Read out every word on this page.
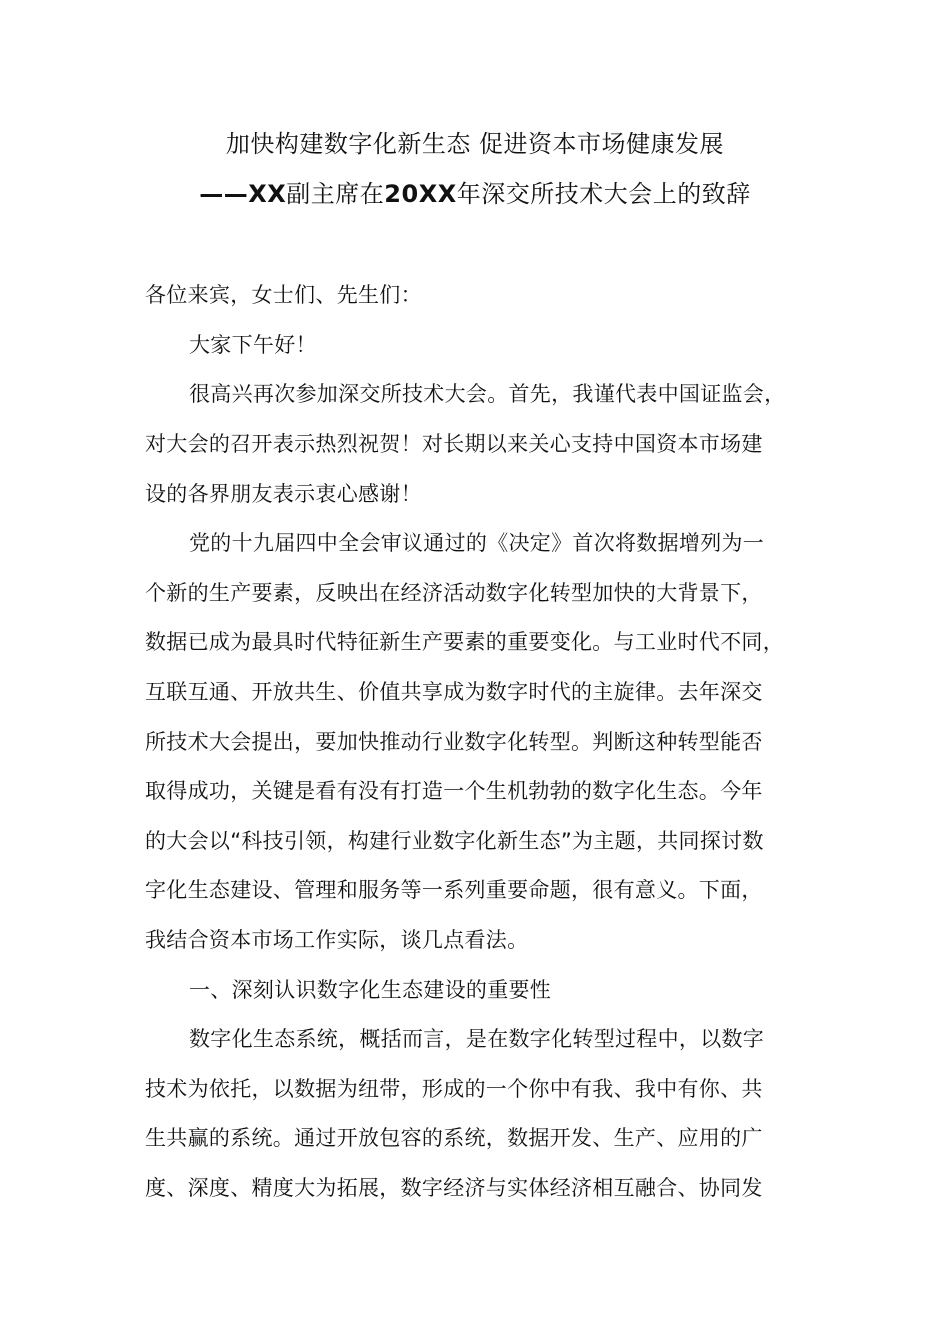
加快构建数字化新生态 促进资本市场健康发展
——XX副主席在20XX年深交所技术大会上的致辞
各位来宾，女士们、先生们：
大家下午好！
很高兴再次参加深交所技术大会。首先，我谨代表中国证监会，
对大会的召开表示热烈祝贺！对长期以来关心支持中国资本市场建
设的各界朋友表示衷心感谢！
党的十九届四中全会审议通过的《决定》首次将数据增列为一
个新的生产要素，反映出在经济活动数字化转型加快的大背景下，
数据已成为最具时代特征新生产要素的重要变化。与工业时代不同，
互联互通、开放共生、价值共享成为数字时代的主旋律。去年深交
所技术大会提出，要加快推动行业数字化转型。判断这种转型能否
取得成功，关键是看有没有打造一个生机勃勃的数字化生态。今年
的大会以“科技引领，构建行业数字化新生态”为主题，共同探讨数
字化生态建设、管理和服务等一系列重要命题，很有意义。下面，
我结合资本市场工作实际，谈几点看法。
一、深刻认识数字化生态建设的重要性
数字化生态系统，概括而言，是在数字化转型过程中，以数字
技术为依托，以数据为纽带，形成的一个你中有我、我中有你、共
生共赢的系统。通过开放包容的系统，数据开发、生产、应用的广
度、深度、精度大为拓展，数字经济与实体经济相互融合、协同发
